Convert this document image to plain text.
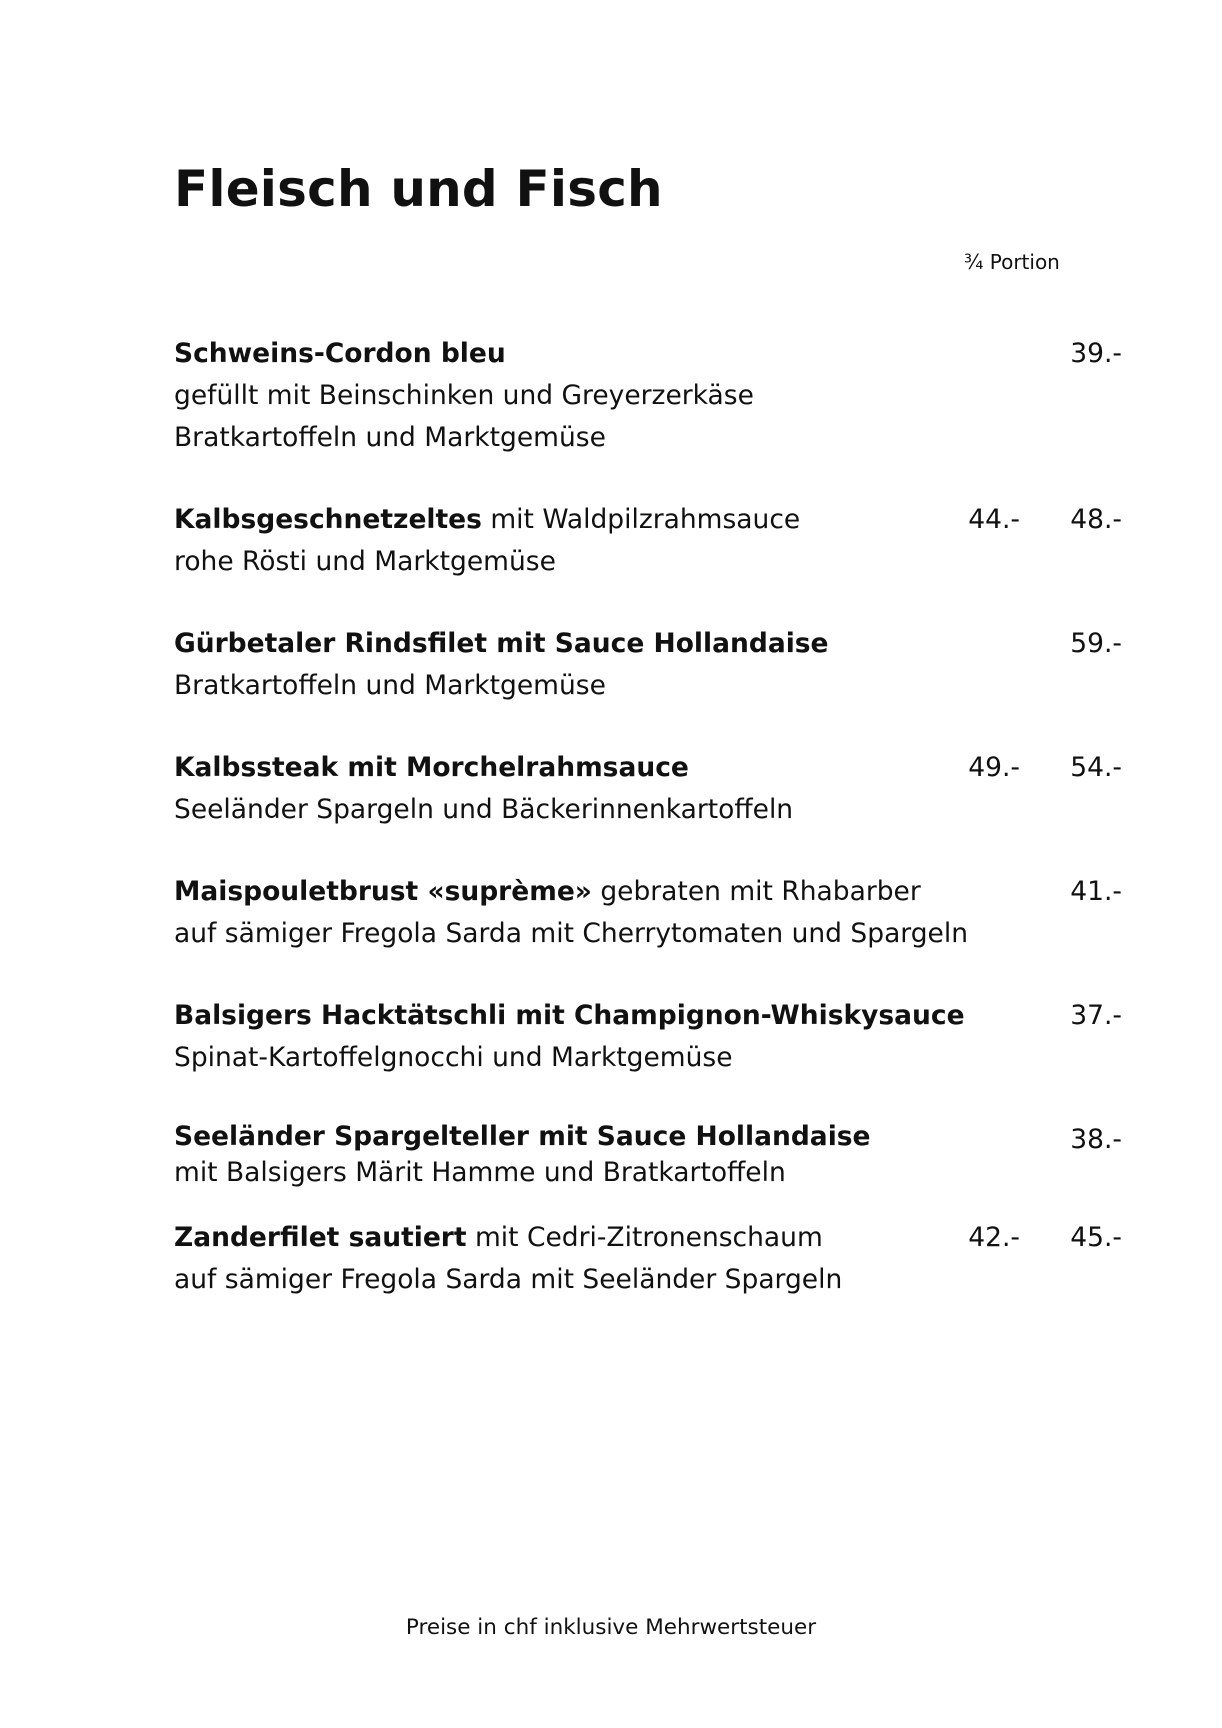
Fleisch und Fisch
¾ Portion
Schweins-Cordon bleu
gefüllt mit Beinschinken und Greyerzerkäse
Bratkartoffeln und Marktgemüse
39.-
Kalbsgeschnetzeltes mit Waldpilzrahmsauce
rohe Rösti und Marktgemüse
44.- 48.-
Gürbetaler Rindsfilet mit Sauce Hollandaise
Bratkartoffeln und Marktgemüse
59.-
Kalbssteak mit Morchelrahmsauce
Seeländer Spargeln und Bäckerinnenkartoffeln
49.- 54.-
Maispouletbrust «suprème» gebraten mit Rhabarber
auf sämiger Fregola Sarda mit Cherrytomaten und Spargeln
41.-
Balsigers Hacktätschli mit Champignon-Whiskysauce
Spinat-Kartoffelgnocchi und Marktgemüse
37.-
Seeländer Spargelteller mit Sauce Hollandaise
mit Balsigers Märit Hamme und Bratkartoffeln
38.-
Zanderfilet sautiert mit Cedri-Zitronenschaum
auf sämiger Fregola Sarda mit Seeländer Spargeln
42.- 45.-
Preise in chf inklusive Mehrwertsteuer
